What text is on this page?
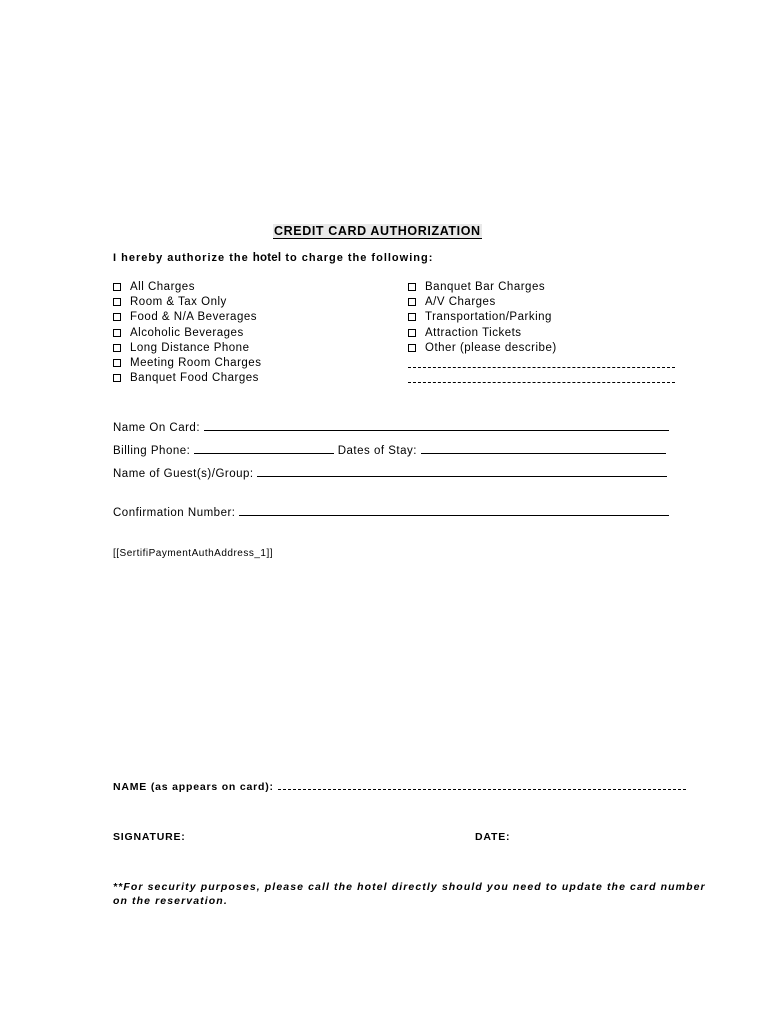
CREDIT CARD AUTHORIZATION
I hereby authorize the hotel to charge the following:
All Charges
Room & Tax Only
Food & N/A Beverages
Alcoholic Beverages
Long Distance Phone
Meeting Room Charges
Banquet Food Charges
Banquet Bar Charges
A/V Charges
Transportation/Parking
Attraction Tickets
Other (please describe)
Name On Card:
Billing Phone:	Dates of Stay:
Name of Guest(s)/Group:
Confirmation Number:
[[SertifiPaymentAuthAddress_1]]
NAME (as appears on card):
SIGNATURE:	DATE:
**For security purposes, please call the hotel directly should you need to update the card number
on the reservation.
